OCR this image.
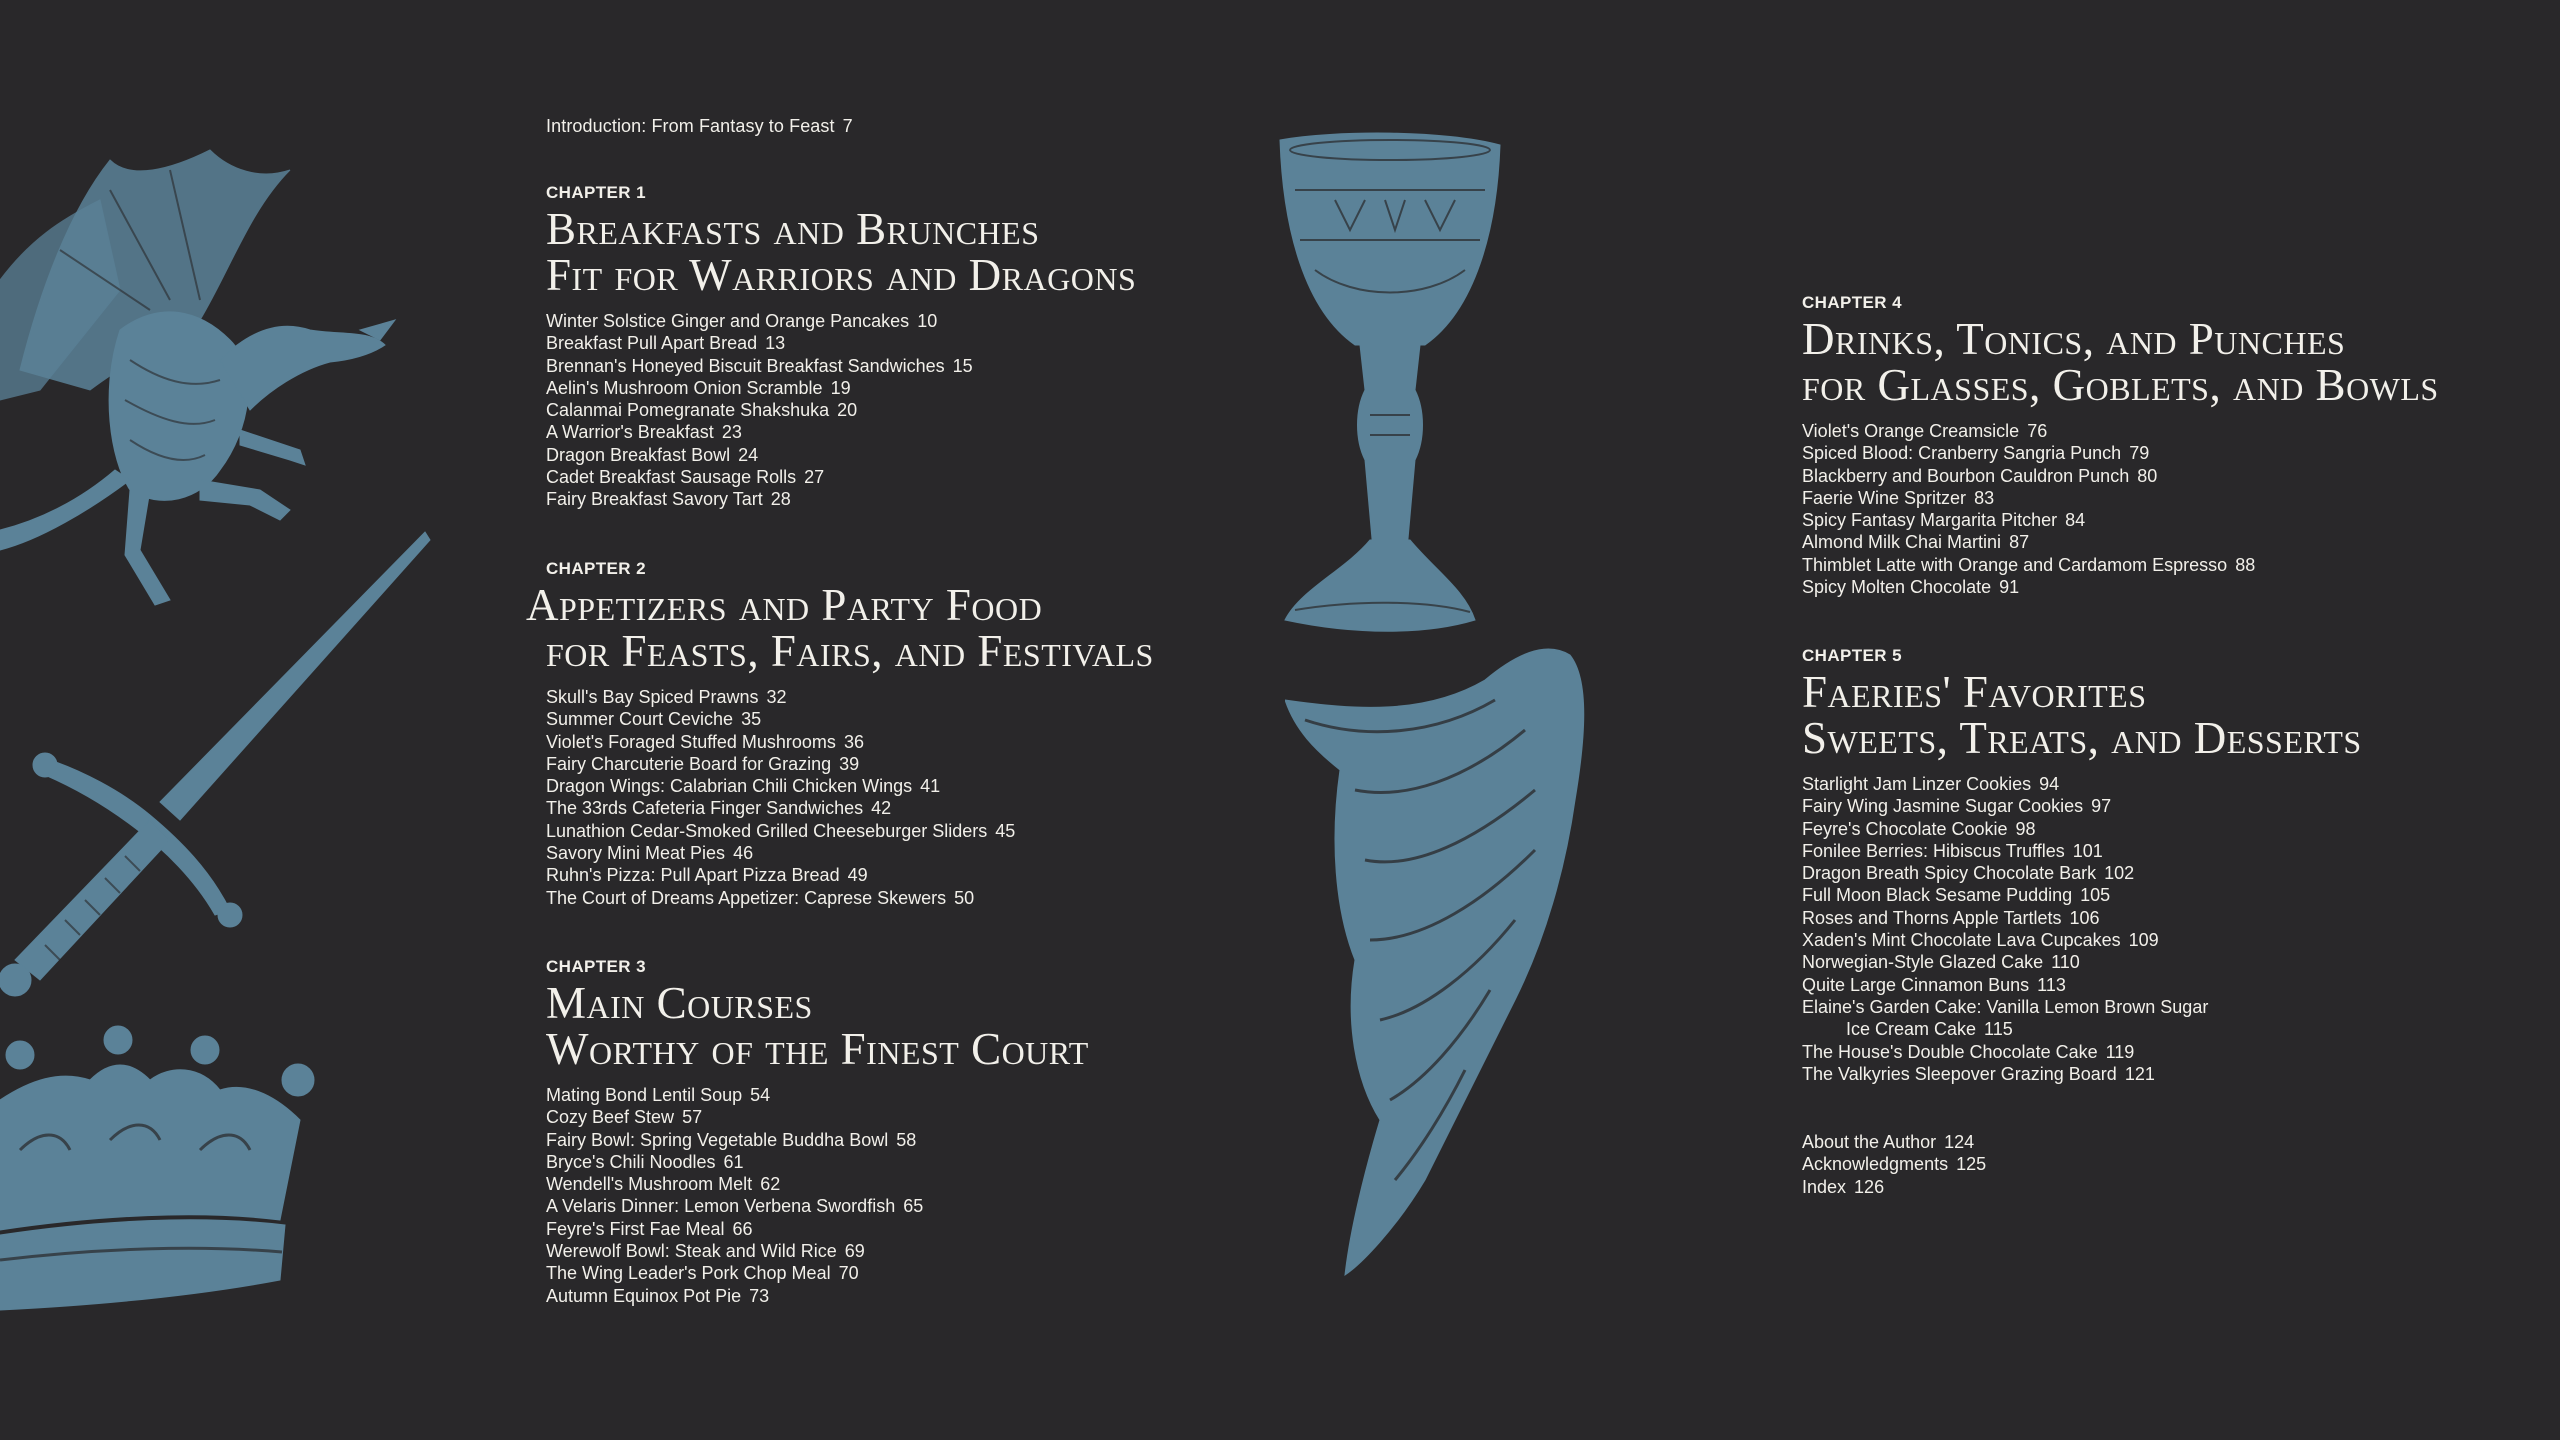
Introduction: From Fantasy to Feast 7
CHAPTER 1
Breakfasts and Brunches
Fit for Warriors and Dragons
Winter Solstice Ginger and Orange Pancakes 10
Breakfast Pull Apart Bread 13
Brennan's Honeyed Biscuit Breakfast Sandwiches 15
Aelin's Mushroom Onion Scramble 19
Calanmai Pomegranate Shakshuka 20
A Warrior's Breakfast 23
Dragon Breakfast Bowl 24
Cadet Breakfast Sausage Rolls 27
Fairy Breakfast Savory Tart 28
CHAPTER 2
Appetizers and Party Food
for Feasts, Fairs, and Festivals
Skull's Bay Spiced Prawns 32
Summer Court Ceviche 35
Violet's Foraged Stuffed Mushrooms 36
Fairy Charcuterie Board for Grazing 39
Dragon Wings: Calabrian Chili Chicken Wings 41
The 33rds Cafeteria Finger Sandwiches 42
Lunathion Cedar-Smoked Grilled Cheeseburger Sliders 45
Savory Mini Meat Pies 46
Ruhn's Pizza: Pull Apart Pizza Bread 49
The Court of Dreams Appetizer: Caprese Skewers 50
CHAPTER 3
Main Courses
Worthy of the Finest Court
Mating Bond Lentil Soup 54
Cozy Beef Stew 57
Fairy Bowl: Spring Vegetable Buddha Bowl 58
Bryce's Chili Noodles 61
Wendell's Mushroom Melt 62
A Velaris Dinner: Lemon Verbena Swordfish 65
Feyre's First Fae Meal 66
Werewolf Bowl: Steak and Wild Rice 69
The Wing Leader's Pork Chop Meal 70
Autumn Equinox Pot Pie 73
CHAPTER 4
Drinks, Tonics, and Punches
for Glasses, Goblets, and Bowls
Violet's Orange Creamsicle 76
Spiced Blood: Cranberry Sangria Punch 79
Blackberry and Bourbon Cauldron Punch 80
Faerie Wine Spritzer 83
Spicy Fantasy Margarita Pitcher 84
Almond Milk Chai Martini 87
Thimblet Latte with Orange and Cardamom Espresso 88
Spicy Molten Chocolate 91
CHAPTER 5
Faeries' Favorites
Sweets, Treats, and Desserts
Starlight Jam Linzer Cookies 94
Fairy Wing Jasmine Sugar Cookies 97
Feyre's Chocolate Cookie 98
Fonilee Berries: Hibiscus Truffles 101
Dragon Breath Spicy Chocolate Bark 102
Full Moon Black Sesame Pudding 105
Roses and Thorns Apple Tartlets 106
Xaden's Mint Chocolate Lava Cupcakes 109
Norwegian-Style Glazed Cake 110
Quite Large Cinnamon Buns 113
Elaine's Garden Cake: Vanilla Lemon Brown Sugar
Ice Cream Cake 115
The House's Double Chocolate Cake 119
The Valkyries Sleepover Grazing Board 121
About the Author 124
Acknowledgments 125
Index 126
